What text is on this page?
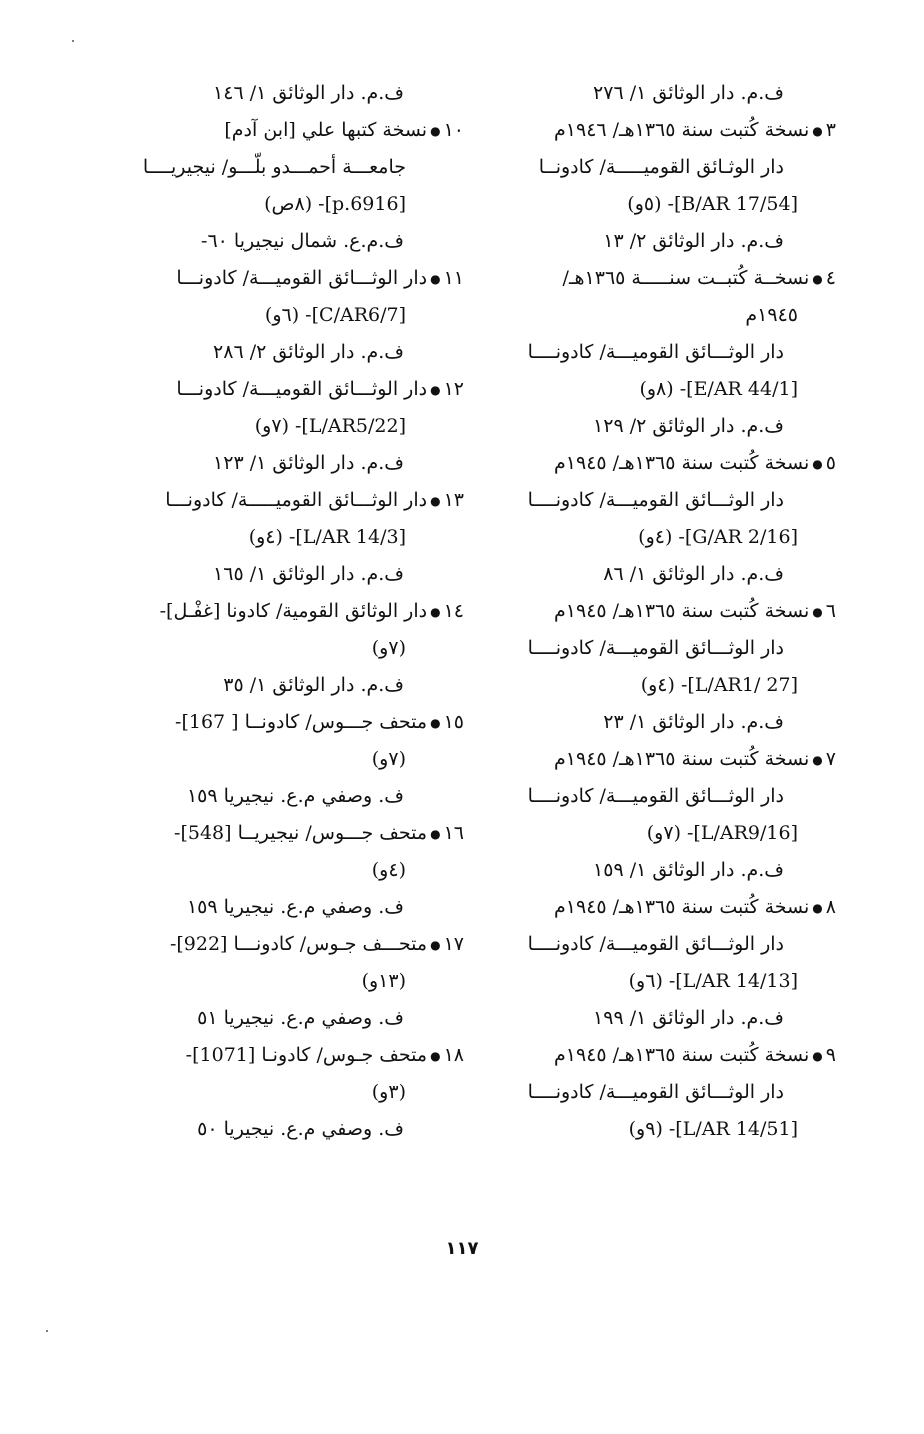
ف.م. دار الوثائق ١/ ٢٧٦
٣●نسخة كُتبت سنة ١٣٦٥هـ/ ١٩٤٦م
دار الوثـائق القوميـــــة/ كادونــا
[B/AR 17/54]- (٥و)
ف.م. دار الوثائق ٢/ ١٣
٤●نسخــة كُتبــت سنـــــة ١٣٦٥هـ/
١٩٤٥م
دار الوثـــائق القوميـــة/ كادونــــا
[E/AR 44/1]- (٨و)
ف.م. دار الوثائق ٢/ ١٢٩
٥●نسخة كُتبت سنة ١٣٦٥هـ/ ١٩٤٥م
دار الوثـــائق القوميـــة/ كادونــــا
[G/AR 2/16]- (٤و)
ف.م. دار الوثائق ١/ ٨٦
٦●نسخة كُتبت سنة ١٣٦٥هـ/ ١٩٤٥م
دار الوثـــائق القوميـــة/ كادونــــا
[L/AR1/ 27]- (٤و)
ف.م. دار الوثائق ١/ ٢٣
٧●نسخة كُتبت سنة ١٣٦٥هـ/ ١٩٤٥م
دار الوثـــائق القوميـــة/ كادونــــا
[L/AR9/16]- (٧و)
ف.م. دار الوثائق ١/ ١٥٩
٨●نسخة كُتبت سنة ١٣٦٥هـ/ ١٩٤٥م
دار الوثـــائق القوميـــة/ كادونــــا
[L/AR 14/13]- (٦و)
ف.م. دار الوثائق ١/ ١٩٩
٩●نسخة كُتبت سنة ١٣٦٥هـ/ ١٩٤٥م
دار الوثـــائق القوميـــة/ كادونــــا
[L/AR 14/51]- (٩و)
ف.م. دار الوثائق ١/ ١٤٦
١٠●نسخة كتبها علي [ابن آدم]
جامعـــة أحمـــدو بلّـــو/ نيجيريــــا
[p.6916]- (٨ص)
ف.م.ع. شمال نيجيريا ٦٠-
١١●دار الوثـــائق القوميـــة/ كادونـــا
[C/AR6/7]- (٦و)
ف.م. دار الوثائق ٢/ ٢٨٦
١٢●دار الوثـــائق القوميـــة/ كادونـــا
[L/AR5/22]- (٧و)
ف.م. دار الوثائق ١/ ١٢٣
١٣●دار الوثـــائق القوميـــــة/ كادونـــا
[L/AR 14/3]- (٤و)
ف.م. دار الوثائق ١/ ١٦٥
١٤●دار الوثائق القومية/ كادونا [غفْـل]-
(٧و)
ف.م. دار الوثائق ١/ ٣٥
١٥●متحف جـــوس/ كادونــا [ 167]-
(٧و)
ف. وصفي م.ع. نيجيريا ١٥٩
١٦●متحف جـــوس/ نيجيريــا [548]-
(٤و)
ف. وصفي م.ع. نيجيريا ١٥٩
١٧●متحـــف جـوس/ كادونـــا [922]-
(١٣و)
ف. وصفي م.ع. نيجيريا ٥١
١٨●متحف جـوس/ كادونـا [1071]-
(٣و)
ف. وصفي م.ع. نيجيريا ٥٠
١١٧
